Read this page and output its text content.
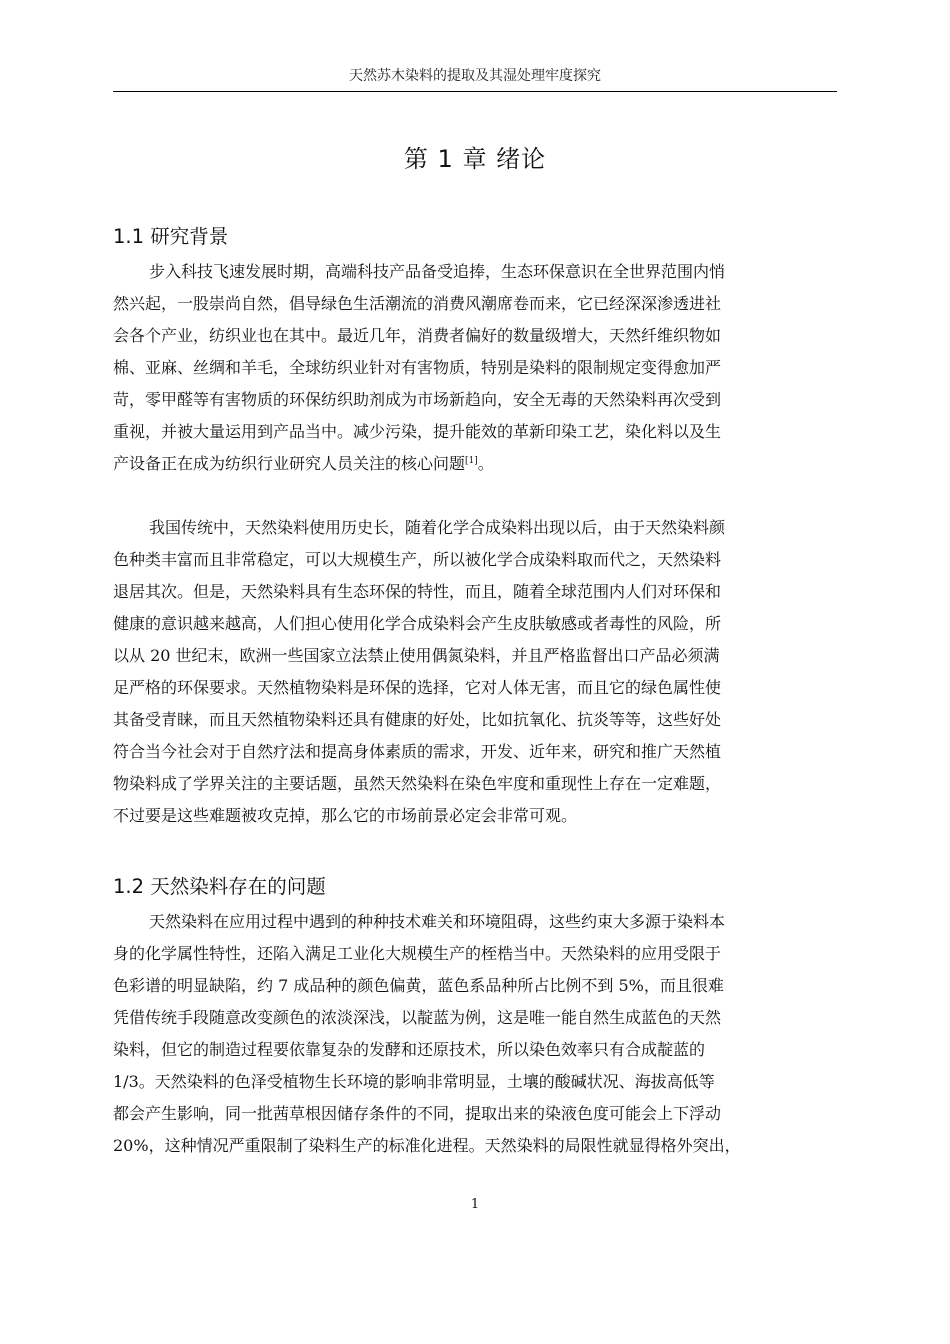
天然苏木染料的提取及其湿处理牢度探究
第 1 章 绪论
1.1 研究背景
步入科技飞速发展时期，高端科技产品备受追捧，生态环保意识在全世界范围内悄
然兴起，一股崇尚自然，倡导绿色生活潮流的消费风潮席卷而来，它已经深深渗透进社
会各个产业，纺织业也在其中。最近几年，消费者偏好的数量级增大，天然纤维织物如
棉、亚麻、丝绸和羊毛，全球纺织业针对有害物质，特别是染料的限制规定变得愈加严
苛，零甲醛等有害物质的环保纺织助剂成为市场新趋向，安全无毒的天然染料再次受到
重视，并被大量运用到产品当中。减少污染，提升能效的革新印染工艺，染化料以及生
产设备正在成为纺织行业研究人员关注的核心问题[1]。
我国传统中，天然染料使用历史长，随着化学合成染料出现以后，由于天然染料颜
色种类丰富而且非常稳定，可以大规模生产，所以被化学合成染料取而代之，天然染料
退居其次。但是，天然染料具有生态环保的特性，而且，随着全球范围内人们对环保和
健康的意识越来越高，人们担心使用化学合成染料会产生皮肤敏感或者毒性的风险，所
以从 20 世纪末，欧洲一些国家立法禁止使用偶氮染料，并且严格监督出口产品必须满
足严格的环保要求。天然植物染料是环保的选择，它对人体无害，而且它的绿色属性使
其备受青睐，而且天然植物染料还具有健康的好处，比如抗氧化、抗炎等等，这些好处
符合当今社会对于自然疗法和提高身体素质的需求，开发、近年来，研究和推广天然植
物染料成了学界关注的主要话题，虽然天然染料在染色牢度和重现性上存在一定难题，
不过要是这些难题被攻克掉，那么它的市场前景必定会非常可观。
1.2 天然染料存在的问题
天然染料在应用过程中遇到的种种技术难关和环境阻碍，这些约束大多源于染料本
身的化学属性特性，还陷入满足工业化大规模生产的桎梏当中。天然染料的应用受限于
色彩谱的明显缺陷，约 7 成品种的颜色偏黄，蓝色系品种所占比例不到 5%，而且很难
凭借传统手段随意改变颜色的浓淡深浅，以靛蓝为例，这是唯一能自然生成蓝色的天然
染料，但它的制造过程要依靠复杂的发酵和还原技术，所以染色效率只有合成靛蓝的
1/3。天然染料的色泽受植物生长环境的影响非常明显，土壤的酸碱状况、海拔高低等
都会产生影响，同一批茜草根因储存条件的不同，提取出来的染液色度可能会上下浮动
20%，这种情况严重限制了染料生产的标准化进程。天然染料的局限性就显得格外突出，
1
